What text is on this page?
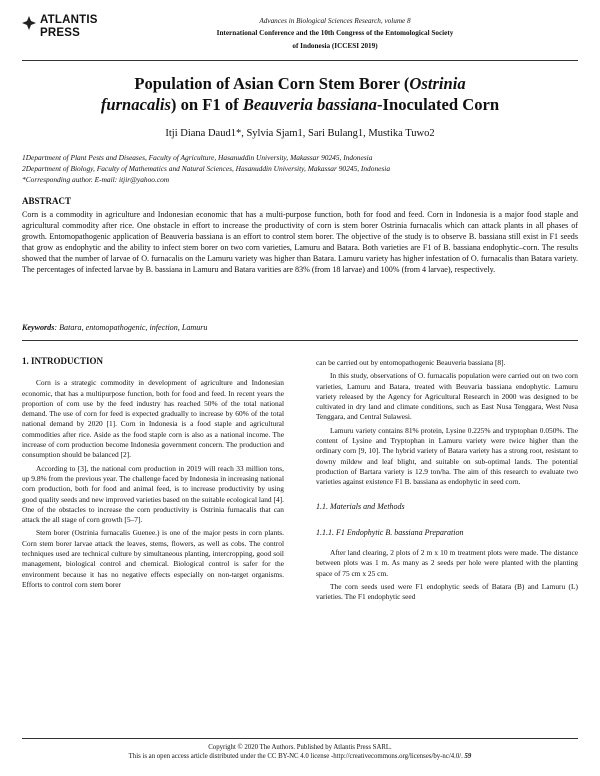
ATLANTIS
PRESS
Advances in Biological Sciences Research, volume 8
International Conference and the 10th Congress of the Entomological Society
of Indonesia (ICCESI 2019)
Population of Asian Corn Stem Borer (Ostrinia
furnacalis) on F1 of Beauveria bassiana-Inoculated Corn
Itji Diana Daud1*, Sylvia Sjam1, Sari Bulang1, Mustika Tuwo2
1Department of Plant Pests and Diseases, Faculty of Agriculture, Hasanuddin University, Makassar 90245, Indonesia
2Department of Biology, Faculty of Mathematics and Natural Sciences, Hasanuddin University, Makassar 90245, Indonesia
*Corresponding author. E-mail: itjir@yahoo.com
ABSTRACT
Corn is a commodity in agriculture and Indonesian economic that has a multi-purpose function, both for food and feed. Corn in Indonesia is a major food staple and agricultural commodity after rice. One obstacle in effort to increase the productivity of corn is stem borer Ostrinia furnacalis which can attack plants in all phases of growth. Entomopathogenic application of Beauveria bassiana is an effort to control stem borer. The objective of the study is to observe B. bassiana still exist in F1 seeds that grow as endophytic and the ability to infect stem borer on two corn varieties, Lamuru and Batara. Both varieties are F1 of B. bassiana endophytic–corn. The results showed that the number of larvae of O. furnacalis on the Lamuru variety was higher than Batara. Lamuru variety has higher infestation of O. furnacalis than Batara variety. The percentages of infected larvae by B. bassiana in Lamuru and Batara varities are 83% (from 18 larvae) and 100% (from 4 larvae), respectively.
Keywords: Batara, entomopathogenic, infection, Lamuru

1. INTRODUCTION

Corn is a strategic commodity in development of agriculture and Indonesian economic, that has a multipurpose function, both for food and feed. In recent years the proportion of corn use by the feed industry has reached 50% of the total national demand. The use of corn for feed is expected gradually to increase by 60% of the total national demand by 2020 [1]. Corn in Indonesia is a food staple and agricultural commodities after rice. Aside as the food staple corn is also as a national income. The increase of corn production become Indonesia government concern. The production and consumption should be balanced [2].

According to [3], the national corn production in 2019 will reach 33 million tons, up 9.8% from the previous year. The challenge faced by Indonesia in increasing national corn production, both for food and animal feed, is to increase productivity by using good quality seeds and new improved varieties based on the suitable ecological land [4]. One of the obstacles to increase the corn productivity is Ostrinia furnacalis that can attack the all stage of corn growth [5–7].

Stem borer (Ostrinia furnacalis Guenee.) is one of the major pests in corn plants. Corn stem borer larvae attack the leaves, stems, flowers, as well as cobs. The control techniques used are technical culture by simultaneous planting, intercropping, good soil management, biological control and chemical. Biological control is safer for the environment because it has no negative effects especially on non-target organisms. Efforts to control corn stem borer

can be carried out by entomopathogenic Beauveria bassiana [8].

In this study, observations of O. furnacalis population were carried out on two corn varieties, Lamuru and Batara, treated with Beuvaria bassiana endophytic. Lamuru variety released by the Agency for Agricultural Research in 2000 was designed to be cultivated in dry land and climate conditions, such as East Nusa Tenggara, West Nusa Tenggara, and Central Sulawesi.

Lamuru variety contains 81% protein, Lysine 0.225% and tryptophan 0.050%. The content of Lysine and Tryptophan in Lamuru variety were twice higher than the ordinary corn [9, 10]. The hybrid variety of Batara variety has a strong root, resistant to downy mildew and leaf blight, and suitable on sub-optimal lands. The potential production of Bartara variety is 12.9 ton/ha. The aim of this research to evaluate two varieties against existence F1 B. bassiana as endophytic in seed corn.

1.1. Materials and Methods

1.1.1. F1 Endophytic B. bassiana Preparation

After land clearing, 2 plots of 2 m x 10 m treatment plots were made. The distance between plots was 1 m. As many as 2 seeds per hole were planted with the planting space of 75 cm x 25 cm.

The corn seeds used were F1 endophytic seeds of Batara (B) and Lamuru (L) varieties. The F1 endophytic seed

Copyright © 2020 The Authors. Published by Atlantis Press SARL.
This is an open access article distributed under the CC BY-NC 4.0 license -http://creativecommons.org/licenses/by-nc/4.0/. 59
